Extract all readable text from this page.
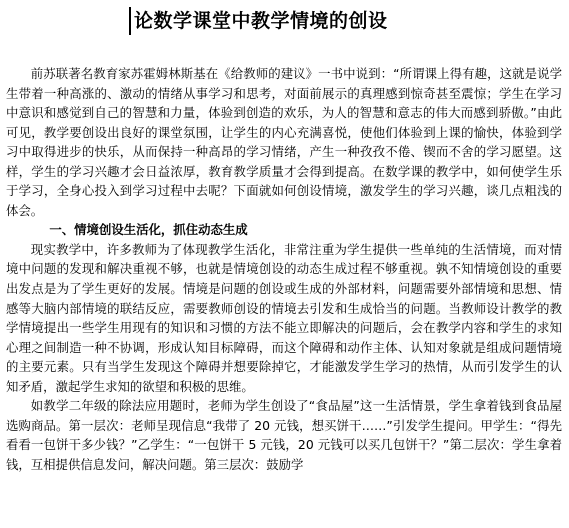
论数学课堂中教学情境的创设

前苏联著名教育家苏霍姆林斯基在《给教师的建议》一书中说到：“所谓课上得有趣，这就是说学生带着一种高涨的、激动的情绪从事学习和思考，对面前展示的真理感到惊奇甚至震惊；学生在学习中意识和感觉到自己的智慧和力量，体验到创造的欢乐，为人的智慧和意志的伟大而感到骄傲。”由此可见，教学要创设出良好的课堂氛围，让学生的内心充满喜悦，使他们体验到上课的愉快，体验到学习中取得进步的快乐，从而保持一种高昂的学习情绪，产生一种孜孜不倦、锲而不舍的学习愿望。这样，学生的学习兴趣才会日益浓厚，教育教学质量才会得到提高。在数学课的教学中，如何使学生乐于学习，全身心投入到学习过程中去呢？下面就如何创设情境，激发学生的学习兴趣，谈几点粗浅的体会。

一、情境创设生活化，抓住动态生成

现实教学中，许多教师为了体现教学生活化，非常注重为学生提供一些单纯的生活情境，而对情境中问题的发现和解决重视不够，也就是情境创设的动态生成过程不够重视。孰不知情境创设的重要出发点是为了学生更好的发展。情境是问题的创设或生成的外部材料，问题需要外部情境和思想、情感等大脑内部情境的联结反应，需要教师创设的情境去引发和生成恰当的问题。当教师设计教学的教学情境提出一些学生用现有的知识和习惯的方法不能立即解决的问题后，会在教学内容和学生的求知心理之间制造一种不协调，形成认知目标障碍，而这个障碍和动作主体、认知对象就是组成问题情境的主要元素。只有当学生发现这个障碍并想要除掉它，才能激发学生学习的热情，从而引发学生的认知矛盾，激起学生求知的欲望和积极的思维。

如教学二年级的除法应用题时，老师为学生创设了“食品屋”这一生活情景，学生拿着钱到食品屋选购商品。第一层次：老师呈现信息“我带了 20 元钱，想买饼干……”引发学生提问。甲学生：“得先看看一包饼干多少钱？”乙学生：“一包饼干 5 元钱，20 元钱可以买几包饼干？”第二层次：学生拿着钱，互相提供信息发问，解决问题。第三层次：鼓励学
